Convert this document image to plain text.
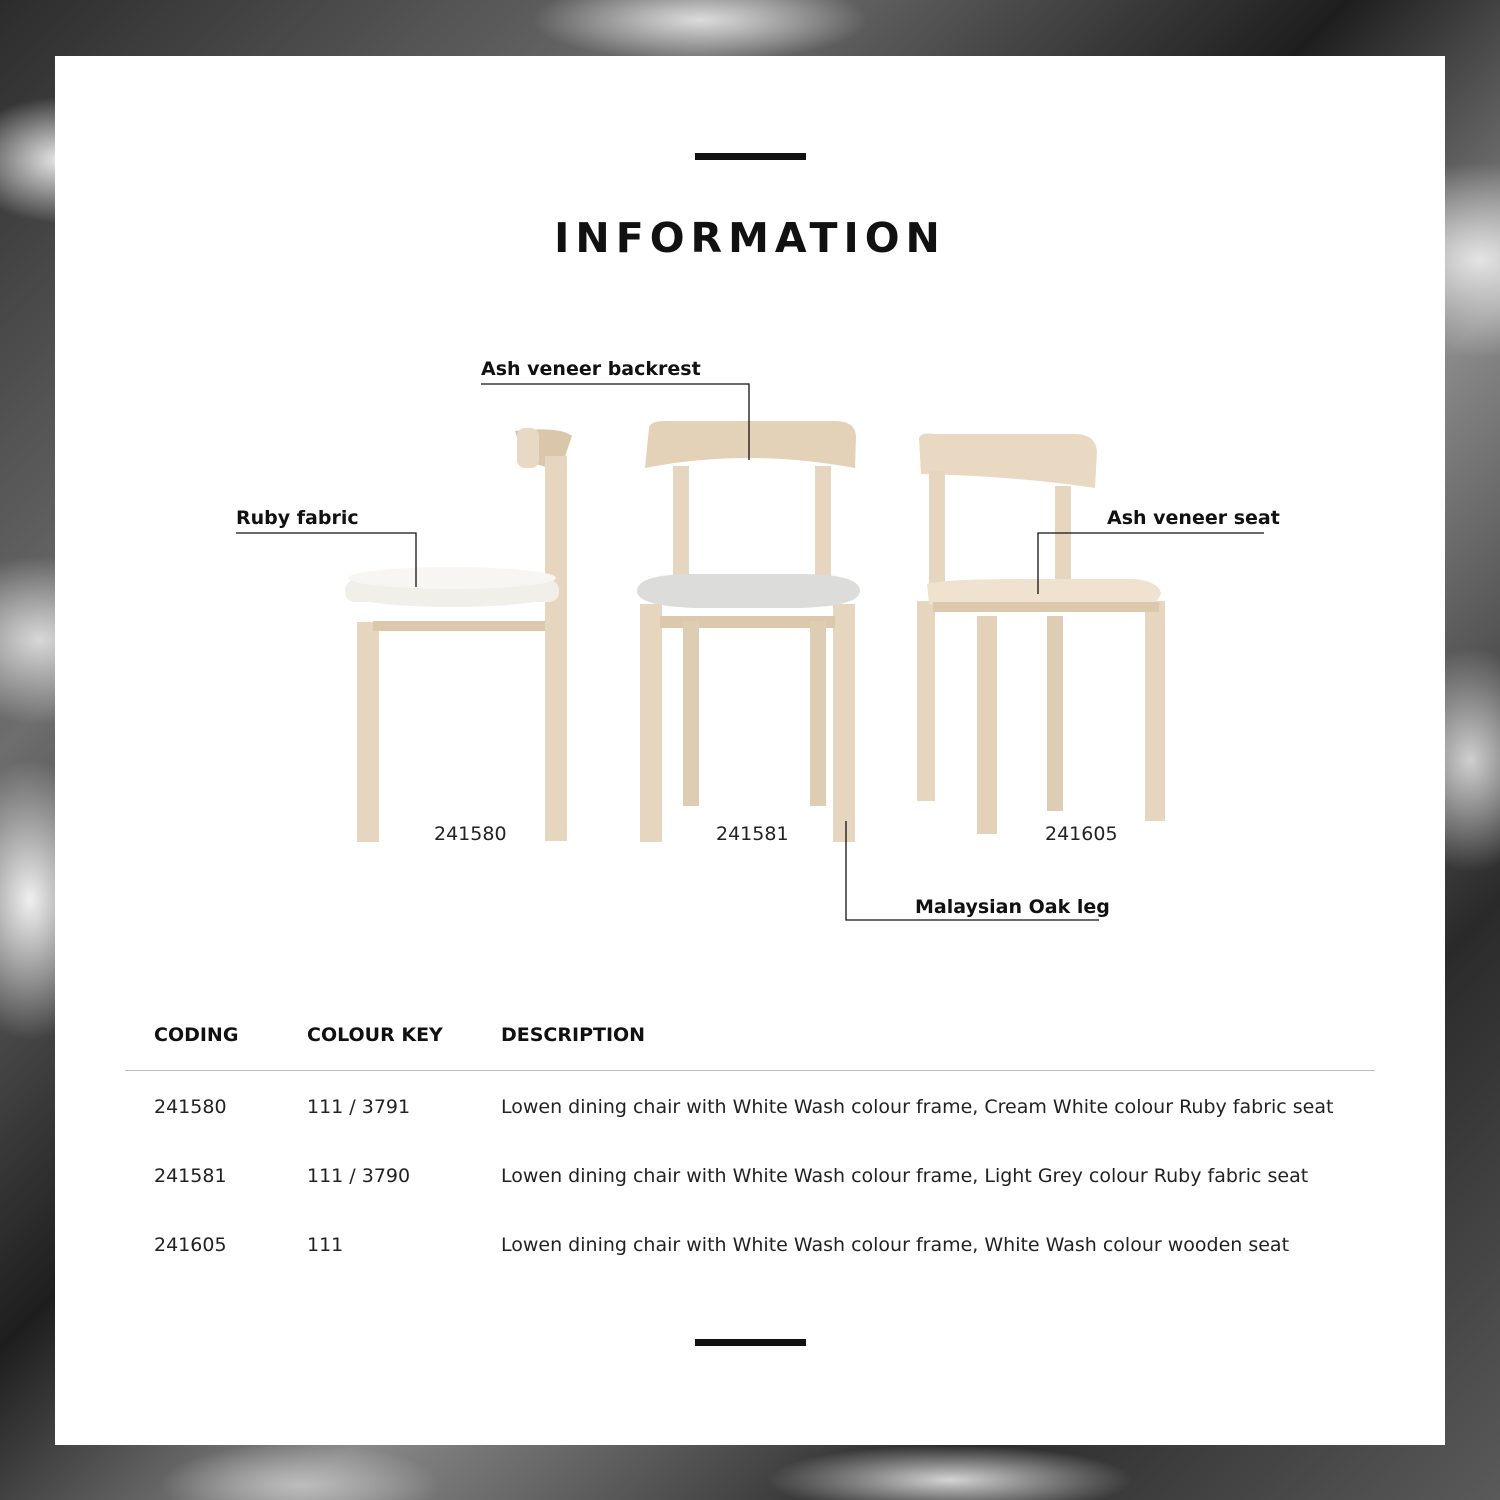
INFORMATION
Ash veneer backrest
Ruby fabric	Ash veneer seat
Malaysian Oak leg
241580	241581	241605
CODING	COLOUR KEY	DESCRIPTION
241580	111 / 3791	Lowen dining chair with White Wash colour frame, Cream White colour Ruby fabric seat
241581	111 / 3790	Lowen dining chair with White Wash colour frame, Light Grey colour Ruby fabric seat
241605	111	Lowen dining chair with White Wash colour frame, White Wash colour wooden seat
